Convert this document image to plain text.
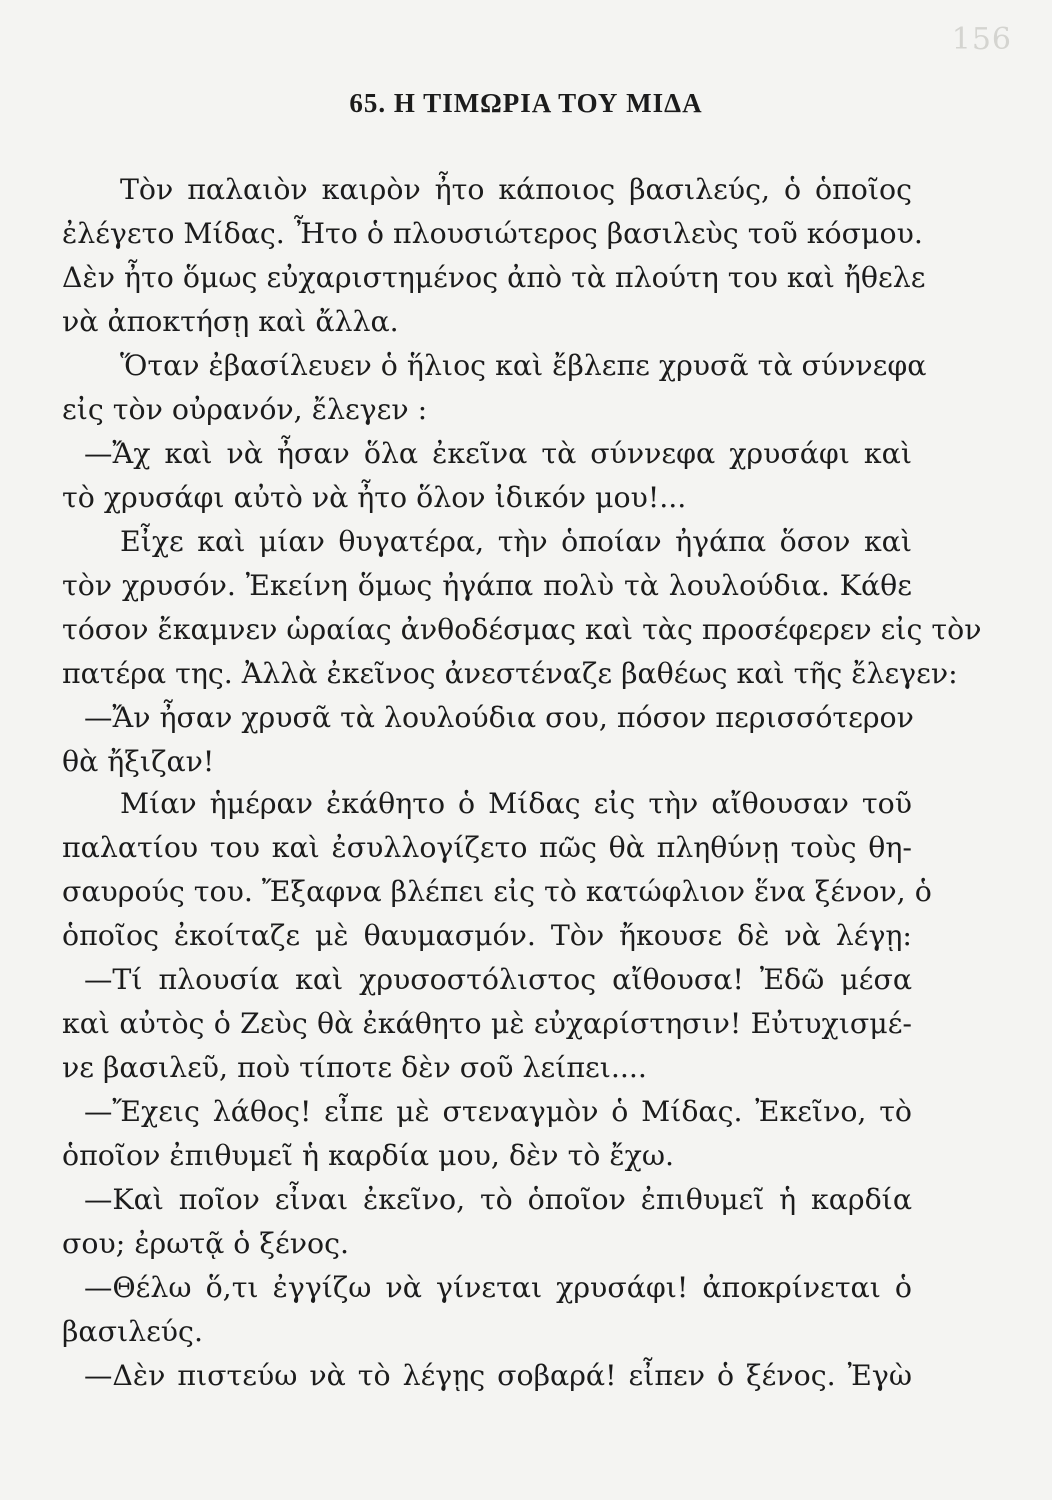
156
65. Η ΤΙΜΩΡΙΑ ΤΟΥ ΜΙΔΑ
Τὸν παλαιὸν καιρὸν ἦτο κάποιος βασιλεύς, ὁ ὁποῖος
ἐλέγετο Μίδας. Ἦτο ὁ πλουσιώτερος βασιλεὺς τοῦ κόσμου.
Δὲν ἦτο ὅμως εὐχαριστημένος ἀπὸ τὰ πλούτη του καὶ ἤθελε
νὰ ἀποκτήσῃ καὶ ἄλλα.
Ὅταν ἐβασίλευεν ὁ ἥλιος καὶ ἔβλεπε χρυσᾶ τὰ σύννεφα
εἰς τὸν οὐρανόν, ἔλεγεν :
—Ἄχ καὶ νὰ ἦσαν ὅλα ἐκεῖνα τὰ σύννεφα χρυσάφι καὶ
τὸ χρυσάφι αὐτὸ νὰ ἦτο ὅλον ἰδικόν μου!...
Εἶχε καὶ μίαν θυγατέρα, τὴν ὁποίαν ἠγάπα ὅσον καὶ
τὸν χρυσόν. Ἐκείνη ὅμως ἠγάπα πολὺ τὰ λουλούδια. Κάθε
τόσον ἔκαμνεν ὡραίας ἀνθοδέσμας καὶ τὰς προσέφερεν εἰς τὸν
πατέρα της. Ἀλλὰ ἐκεῖνος ἀνεστέναζε βαθέως καὶ τῆς ἔλεγεν:
—Ἄν ἦσαν χρυσᾶ τὰ λουλούδια σου, πόσον περισσότερον
θὰ ἤξιζαν!
Μίαν ἡμέραν ἐκάθητο ὁ Μίδας εἰς τὴν αἴθουσαν τοῦ
παλατίου του καὶ ἐσυλλογίζετο πῶς θὰ πληθύνῃ τοὺς θη-
σαυρούς του. Ἔξαφνα βλέπει εἰς τὸ κατώφλιον ἕνα ξένον, ὁ
ὁποῖος ἐκοίταζε μὲ θαυμασμόν. Τὸν ἤκουσε δὲ νὰ λέγῃ:
—Τί πλουσία καὶ χρυσοστόλιστος αἴθουσα! Ἐδῶ μέσα
καὶ αὐτὸς ὁ Ζεὺς θὰ ἐκάθητο μὲ εὐχαρίστησιν! Εὐτυχισμέ-
νε βασιλεῦ, ποὺ τίποτε δὲν σοῦ λείπει....
—Ἔχεις λάθος! εἶπε μὲ στεναγμὸν ὁ Μίδας. Ἐκεῖνο, τὸ
ὁποῖον ἐπιθυμεῖ ἡ καρδία μου, δὲν τὸ ἔχω.
—Καὶ ποῖον εἶναι ἐκεῖνο, τὸ ὁποῖον ἐπιθυμεῖ ἡ καρδία
σου; ἐρωτᾷ ὁ ξένος.
—Θέλω ὅ,τι ἐγγίζω νὰ γίνεται χρυσάφι! ἀποκρίνεται ὁ
βασιλεύς.
—Δὲν πιστεύω νὰ τὸ λέγῃς σοβαρά! εἶπεν ὁ ξένος. Ἐγὼ
